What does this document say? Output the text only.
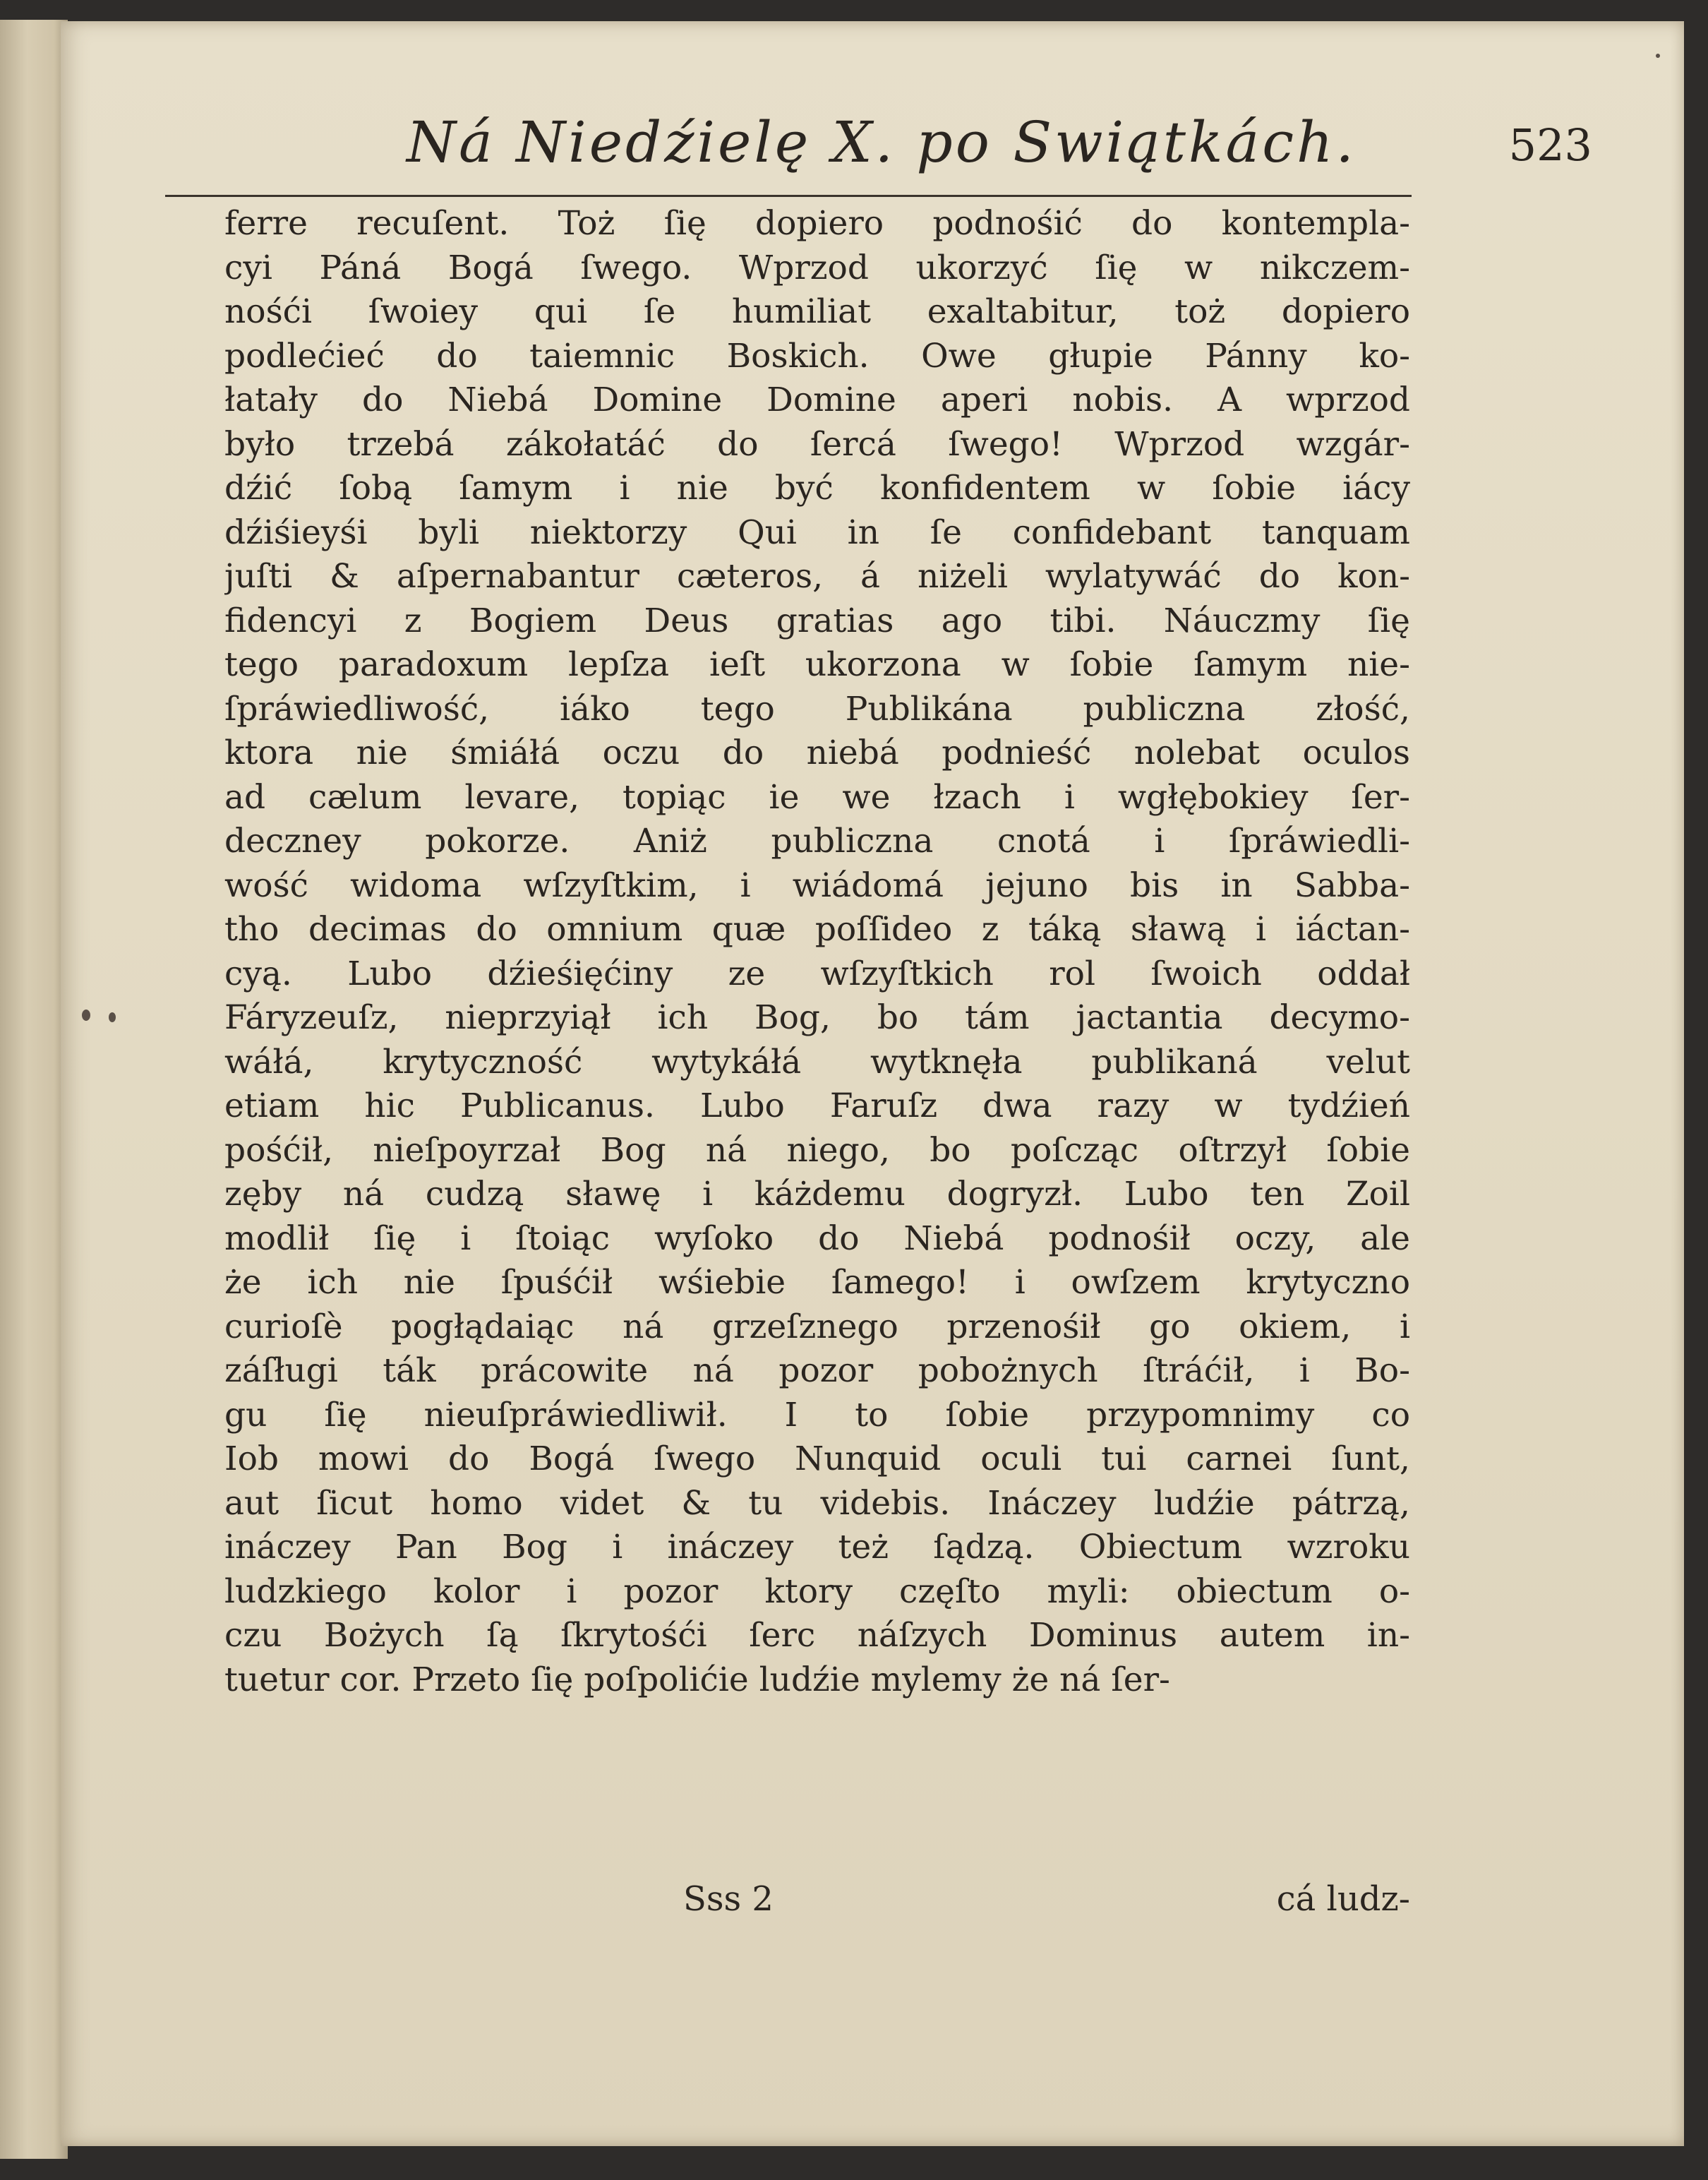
Ná Niedźielę X. po Swiątkách.	523
ferre recuſent. Toż ſię dopiero podnośić do kontempla-
cyi Páná Bogá ſwego. Wprzod ukorzyć ſię w nikczem-
nośći ſwoiey qui ſe humiliat exaltabitur, toż dopiero
podlećieć do taiemnic Boskich. Owe głupie Pánny ko-
łatały do Niebá Domine Domine aperi nobis. A wprzod
było trzebá zákołatáć do ſercá ſwego! Wprzod wzgár-
dźić ſobą ſamym i nie być konfidentem w ſobie iácy
dźiśieyśi byli niektorzy Qui in ſe confidebant tanquam
juſti & aſpernabantur cæteros, á niżeli wylatywáć do kon-
fidencyi z Bogiem Deus gratias ago tibi. Náuczmy ſię
tego paradoxum lepſza ieſt ukorzona w ſobie ſamym nie-
ſpráwiedliwość, iáko tego Publikána publiczna złość,
ktora nie śmiáłá oczu do niebá podnieść nolebat oculos
ad cælum levare, topiąc ie we łzach i wgłębokiey ſer-
deczney pokorze. Aniż publiczna cnotá i ſpráwiedli-
wość widoma wſzyſtkim, i wiádomá jejuno bis in Sabba-
tho decimas do omnium quæ poſſideo z táką sławą i iáctan-
cyą. Lubo dźieśięćiny ze wſzyſtkich rol ſwoich oddał
Fáryzeuſz, nieprzyiął ich Bog, bo tám jactantia decymo-
wáłá, krytyczność wytykáłá wytknęła publikaná velut
etiam hic Publicanus. Lubo Faruſz dwa razy w tydźień
pośćił, nieſpoyrzał Bog ná niego, bo poſcząc oſtrzył ſobie
zęby ná cudzą sławę i káżdemu dogryzł. Lubo ten Zoil
modlił ſię i ſtoiąc wyſoko do Niebá podnośił oczy, ale
że ich nie ſpuśćił wśiebie ſamego! i owſzem krytyczno
curioſè pogłądaiąc ná grzeſznego przenośił go okiem, i
záſługi ták prácowite ná pozor pobożnych ſtráćił, i Bo-
gu ſię nieuſpráwiedliwił. I to ſobie przypomnimy co
Iob mowi do Bogá ſwego Nunquid oculi tui carnei ſunt,
aut ſicut homo videt & tu videbis. Ináczey ludźie pátrzą,
ináczey Pan Bog i ináczey też ſądzą. Obiectum wzroku
ludzkiego kolor i pozor ktory częſto myli: obiectum o-
czu Bożych ſą ſkrytośći ſerc náſzych Dominus autem in-
tuetur cor. Przeto ſię poſpolićie ludźie mylemy że ná ſer-
Sss 2	cá ludz-
